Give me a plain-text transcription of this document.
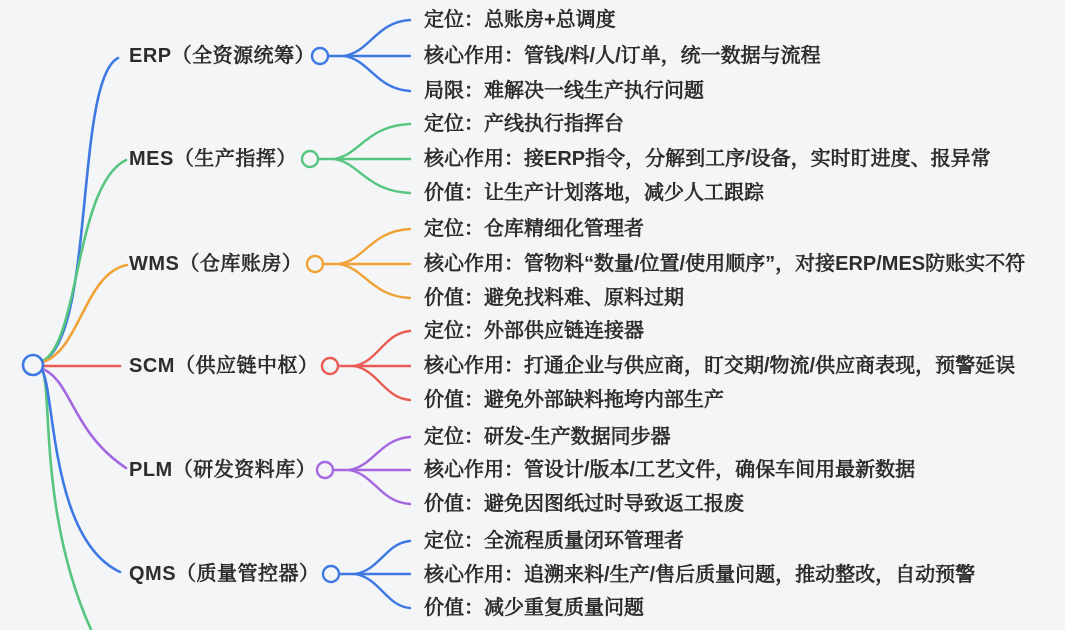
ERP（全资源统筹）
定位：总账房+总调度
核心作用：管钱/料/人/订单，统一数据与流程
局限：难解决一线生产执行问题
MES（生产指挥）
定位：产线执行指挥台
核心作用：接ERP指令，分解到工序/设备，实时盯进度、报异常
价值：让生产计划落地，减少人工跟踪
WMS（仓库账房）
定位：仓库精细化管理者
核心作用：管物料“数量/位置/使用顺序”，对接ERP/MES防账实不符
价值：避免找料难、原料过期
SCM（供应链中枢）
定位：外部供应链连接器
核心作用：打通企业与供应商，盯交期/物流/供应商表现，预警延误
价值：避免外部缺料拖垮内部生产
PLM（研发资料库）
定位：研发-生产数据同步器
核心作用：管设计/版本/工艺文件，确保车间用最新数据
价值：避免因图纸过时导致返工报废
QMS（质量管控器）
定位：全流程质量闭环管理者
核心作用：追溯来料/生产/售后质量问题，推动整改，自动预警
价值：减少重复质量问题
